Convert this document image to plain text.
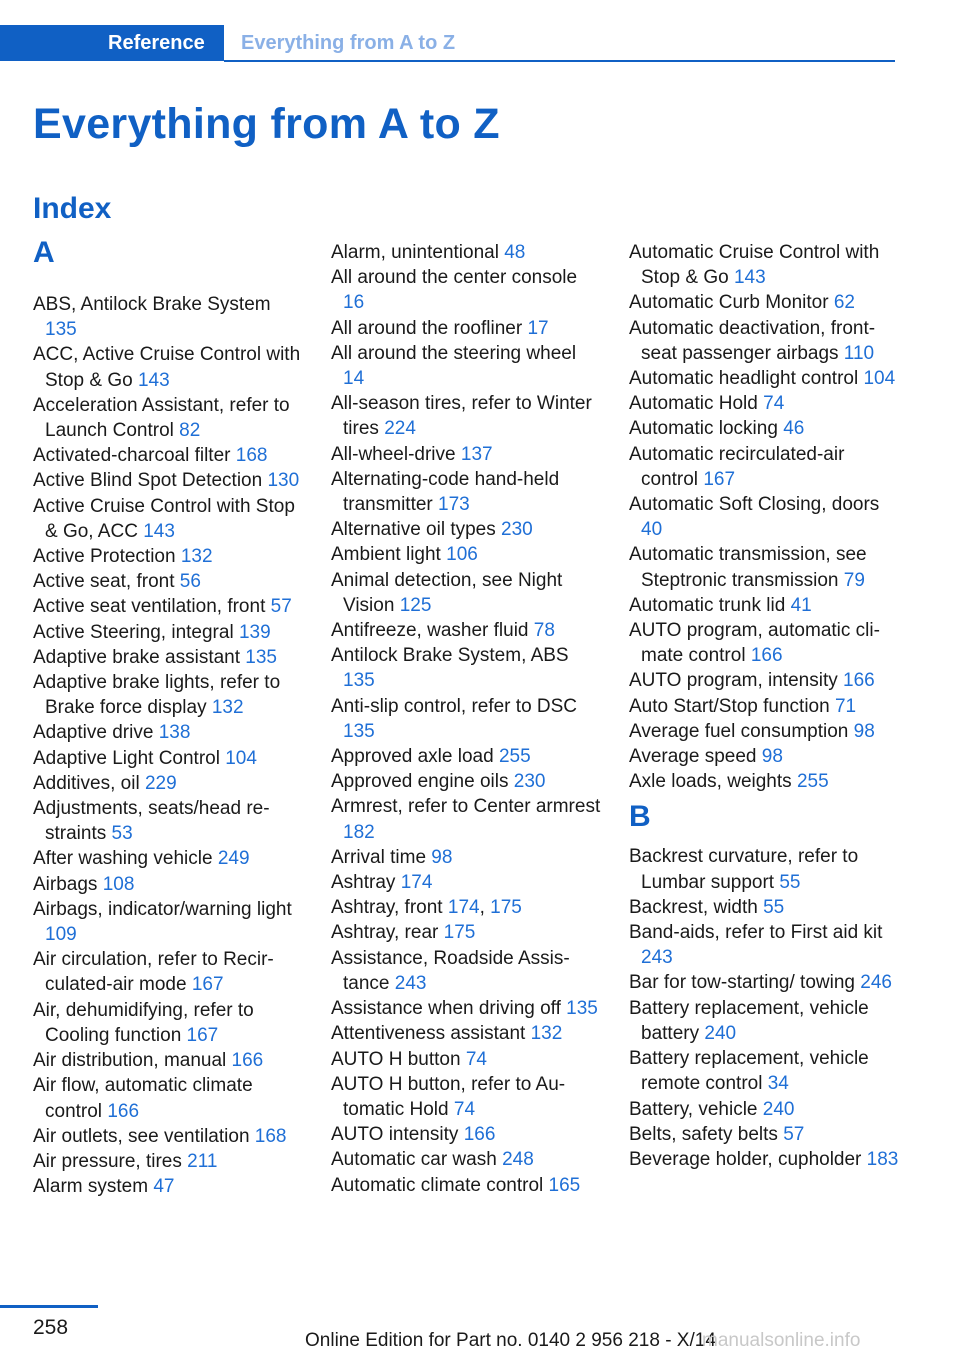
Reference	Everything from A to Z
Everything from A to Z
Index
A
ABS, Antilock Brake System 135
ACC, Active Cruise Control with Stop & Go 143
Acceleration Assistant, refer to Launch Control 82
Activated-charcoal filter 168
Active Blind Spot Detection 130
Active Cruise Control with Stop & Go, ACC 143
Active Protection 132
Active seat, front 56
Active seat ventilation, front 57
Active Steering, integral 139
Adaptive brake assistant 135
Adaptive brake lights, refer to Brake force display 132
Adaptive drive 138
Adaptive Light Control 104
Additives, oil 229
Adjustments, seats/head restraints 53
After washing vehicle 249
Airbags 108
Airbags, indicator/warning light 109
Air circulation, refer to Recirculated-air mode 167
Air, dehumidifying, refer to Cooling function 167
Air distribution, manual 166
Air flow, automatic climate control 166
Air outlets, see ventilation 168
Air pressure, tires 211
Alarm system 47
Alarm, unintentional 48
All around the center console 16
All around the roofliner 17
All around the steering wheel 14
All-season tires, refer to Winter tires 224
All-wheel-drive 137
Alternating-code hand-held transmitter 173
Alternative oil types 230
Ambient light 106
Animal detection, see Night Vision 125
Antifreeze, washer fluid 78
Antilock Brake System, ABS 135
Anti-slip control, refer to DSC 135
Approved axle load 255
Approved engine oils 230
Armrest, refer to Center armrest 182
Arrival time 98
Ashtray 174
Ashtray, front 174, 175
Ashtray, rear 175
Assistance, Roadside Assistance 243
Assistance when driving off 135
Attentiveness assistant 132
AUTO H button 74
AUTO H button, refer to Automatic Hold 74
AUTO intensity 166
Automatic car wash 248
Automatic climate control 165
Automatic Cruise Control with Stop & Go 143
Automatic Curb Monitor 62
Automatic deactivation, front-seat passenger airbags 110
Automatic headlight control 104
Automatic Hold 74
Automatic locking 46
Automatic recirculated-air control 167
Automatic Soft Closing, doors 40
Automatic transmission, see Steptronic transmission 79
Automatic trunk lid 41
AUTO program, automatic climate control 166
AUTO program, intensity 166
Auto Start/Stop function 71
Average fuel consumption 98
Average speed 98
Axle loads, weights 255
B
Backrest curvature, refer to Lumbar support 55
Backrest, width 55
Band-aids, refer to First aid kit 243
Bar for tow-starting/ towing 246
Battery replacement, vehicle battery 240
Battery replacement, vehicle remote control 34
Battery, vehicle 240
Belts, safety belts 57
Beverage holder, cupholder 183
258
Online Edition for Part no. 0140 2 956 218 - X/14
manualsonline.info
